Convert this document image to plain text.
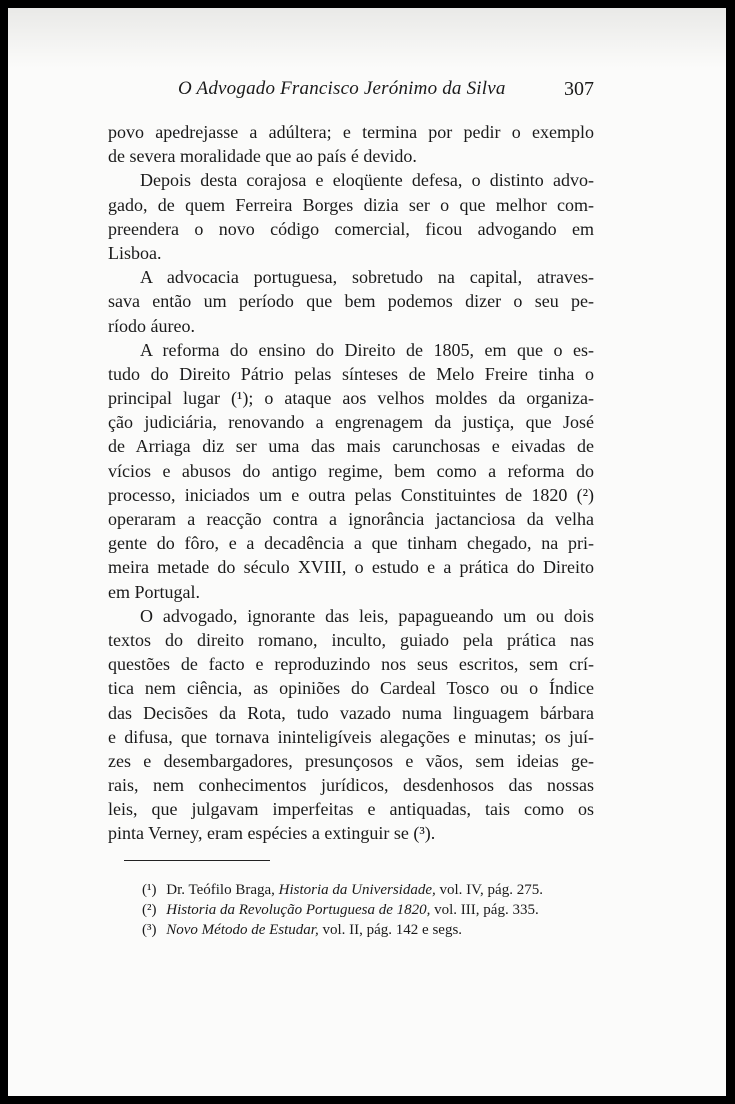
O Advogado Francisco Jerónimo da Silva	307
povo apedrejasse a adúltera; e termina por pedir o exemplo
de severa moralidade que ao país é devido.
Depois desta corajosa e eloqüente defesa, o distinto advo-
gado, de quem Ferreira Borges dizia ser o que melhor com-
preendera o novo código comercial, ficou advogando em
Lisboa.
A advocacia portuguesa, sobretudo na capital, atraves-
sava então um período que bem podemos dizer o seu pe-
ríodo áureo.
A reforma do ensino do Direito de 1805, em que o es-
tudo do Direito Pátrio pelas sínteses de Melo Freire tinha o
principal lugar (¹); o ataque aos velhos moldes da organiza-
ção judiciária, renovando a engrenagem da justiça, que José
de Arriaga diz ser uma das mais carunchosas e eivadas de
vícios e abusos do antigo regime, bem como a reforma do
processo, iniciados um e outra pelas Constituintes de 1820 (²)
operaram a reacção contra a ignorância jactanciosa da velha
gente do fôro, e a decadência a que tinham chegado, na pri-
meira metade do século XVIII, o estudo e a prática do Direito
em Portugal.
O advogado, ignorante das leis, papagueando um ou dois
textos do direito romano, inculto, guiado pela prática nas
questões de facto e reproduzindo nos seus escritos, sem crí-
tica nem ciência, as opiniões do Cardeal Tosco ou o Índice
das Decisões da Rota, tudo vazado numa linguagem bárbara
e difusa, que tornava ininteligíveis alegações e minutas; os juí-
zes e desembargadores, presunçosos e vãos, sem ideias ge-
rais, nem conhecimentos jurídicos, desdenhosos das nossas
leis, que julgavam imperfeitas e antiquadas, tais como os
pinta Verney, eram espécies a extinguir se (³).
(¹) Dr. Teófilo Braga, Historia da Universidade, vol. IV, pág. 275.
(²) Historia da Revolução Portuguesa de 1820, vol. III, pág. 335.
(³) Novo Método de Estudar, vol. II, pág. 142 e segs.
